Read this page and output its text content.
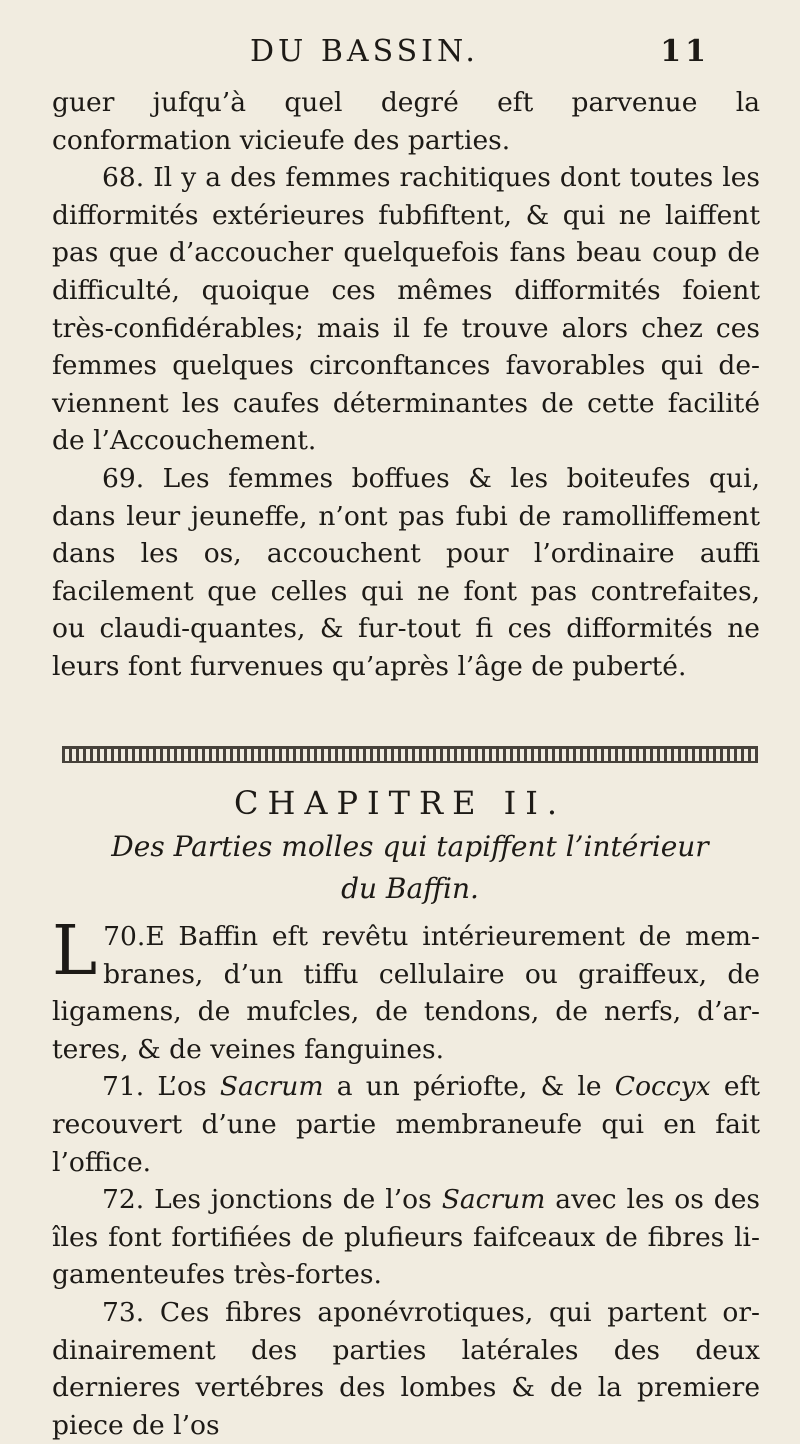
DU BASSIN.	11

guer jufqu’à quel degré eft parvenue la conformation vicieufe des parties.

68. Il y a des femmes rachitiques dont toutes les difformités extérieures fubfiftent, & qui ne laiffent pas que d’accoucher quelquefois fans beau coup de difficulté, quoique ces mêmes difformités foient très-confidérables; mais il fe trouve alors chez ces femmes quelques circonftances favorables qui de-viennent les caufes déterminantes de cette facilité de l’Accouchement.

69. Les femmes boffues & les boiteufes qui, dans leur jeuneffe, n’ont pas fubi de ramolliffement dans les os, accouchent pour l’ordinaire auffi facilement que celles qui ne font pas contrefaites, ou claudi-quantes, & fur-tout fi ces difformités ne leurs font furvenues qu’après l’âge de puberté.

CHAPITRE II.
Des Parties molles qui tapiffent l’intérieur
du Baffin.

70.
L E Baffin eft revêtu intérieurement de mem-branes, d’un tiffu cellulaire ou graiffeux, de ligamens, de mufcles, de tendons, de nerfs, d’ar-teres, & de veines fanguines.

71. L’os Sacrum a un périofte, & le Coccyx eft recouvert d’une partie membraneufe qui en fait l’office.

72. Les jonctions de l’os Sacrum avec les os des îles font fortifiées de plufieurs faifceaux de fibres li-gamenteufes très-fortes.

73. Ces fibres aponévrotiques, qui partent or-dinairement des parties latérales des deux dernieres vertébres des lombes & de la premiere piece de l’os
